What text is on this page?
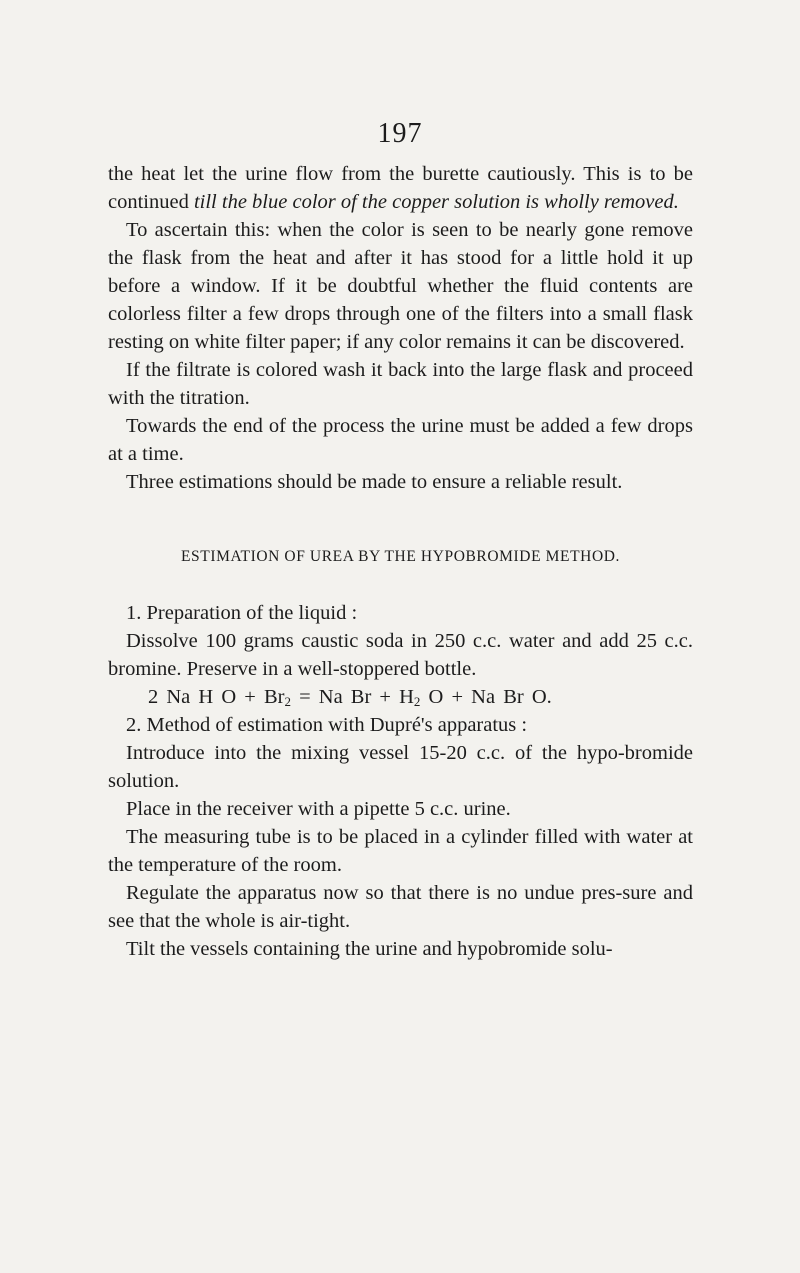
197

the heat let the urine flow from the burette cautiously. This is to be continued till the blue color of the copper solution is wholly removed.

To ascertain this: when the color is seen to be nearly gone remove the flask from the heat and after it has stood for a little hold it up before a window. If it be doubtful whether the fluid contents are colorless filter a few drops through one of the filters into a small flask resting on white filter paper; if any color remains it can be discovered.

If the filtrate is colored wash it back into the large flask and proceed with the titration.

Towards the end of the process the urine must be added a few drops at a time.

Three estimations should be made to ensure a reliable result.

ESTIMATION OF UREA BY THE HYPOBROMIDE METHOD.

1. Preparation of the liquid :

Dissolve 100 grams caustic soda in 250 c.c. water and add 25 c.c. bromine. Preserve in a well-stoppered bottle.

2 Na H $O + Br_2 = Na$ $Br + H_2$ O + Na Br O.

2. Method of estimation with Dupré's apparatus :

Introduce into the mixing vessel 15-20 c.c. of the hypo-bromide solution.

Place in the receiver with a pipette 5 c.c. urine.

The measuring tube is to be placed in a cylinder filled with water at the temperature of the room.

Regulate the apparatus now so that there is no undue pres-sure and see that the whole is air-tight.

Tilt the vessels containing the urine and hypobromide solu-
